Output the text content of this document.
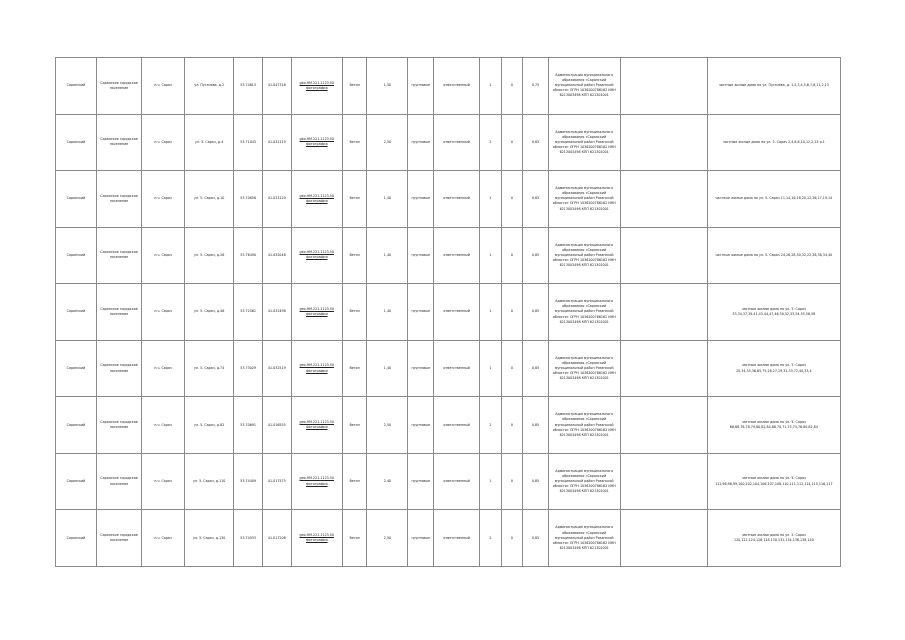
Саранский	Саранское городское поселение	п.ч. Сарач	ул. Пугачева, д.2	53.74613	41.047316	geo.HM.221.1123.50 фотография	бетон	1,50	грунтовые	ответственный	1	0	0,75	Администрация муниципального образования «Саранский муниципальный район Рязанской области» ОГРН 1036200786162 ИНН 6213003498 КПП 621301001		частные жилые дома по ул. Пугачева, д. 1,2,3,4,5,6,7,8,11,2,13
Саранский	Саранское городское поселение	п.ч. Сарач	ул. 5. Сарач, д.4	53.71043	41.032119	geo.HM.221.1123.50 фотография	бетон	2,50	грунтовые	ответственный	2	0	0,85	Администрация муниципального образования «Саранский муниципальный район Рязанской области» ОГРН 1036200786162 ИНН 6213003498 КПП 621301001		частные жилые дома по ул. 5. Сарач 2,4,6,8,10,12,2,13 р.1
Саранский	Саранское городское поселение	п.ч. Сарач	ул. 5. Сарач, д.10	53.70856	41.033120	geo.HM.221.1123.50 фотография	бетон	1,40	грунтовые	ответственный	1	0	0,85	Администрация муниципального образования «Саранский муниципальный район Рязанской области» ОГРН 1036200786162 ИНН 6213003498 КПП 621301001		частные жилые дома по ул. 5. Сарач 11,14,16,18,20,12,16,17,19,14
Саранский	Саранское городское поселение	п.ч. Сарач	ул. 5. Сарач, д.28	53.76490	41.032048	geo.HM.221.1123.50 фотография	бетон	1,40	грунтовые	ответственный	1	0	0,85	Администрация муниципального образования «Саранский муниципальный район Рязанской области» ОГРН 1036200786162 ИНН 6213003498 КПП 621301001		частные жилые дома по ул. 5. Сарач 24,26,28,30,32,22,36,38,34,40
Саранский	Саранское городское поселение	п.ч. Сарач	ул. 5. Сарач, д.46	53.72561	41.032498	geo.HM.221.1123.50 фотография	бетон	1,40	грунтовые	ответственный	1	0	0,85	Администрация муниципального образования «Саранский муниципальный район Рязанской области» ОГРН 1036200786162 ИНН 6213003498 КПП 621301001		частные жилые дома по ул. 5. Сарач 33,34,37,39,41,43,44,47,46,50,52,53,54,55,56,58
Саранский	Саранское городское поселение	п.ч. Сарач	ул. 5. Сарач, д.74	53.73029	41.032519	geo.HM.221.1123.50 фотография	бетон	1,40	грунтовые	ответственный	1	0	0,85	Администрация муниципального образования «Саранский муниципальный район Рязанской области» ОГРН 1036200786162 ИНН 6213003498 КПП 621301001		частные жилые дома по ул. 5. Сарач 25,34,35,36,65,75,28,27,29,31,33,72,40,33,4
Саранский	Саранское городское поселение	п.ч. Сарач	ул. 5. Сарач, д.82	53.70691	41.016555	geo.HM.221.1123.50 фотография	бетон	2,50	грунтовые	ответственный	2	0	0,85	Администрация муниципального образования «Саранский муниципальный район Рязанской области» ОГРН 1036200786162 ИНН 6213003498 КПП 621301001		частные жилые дома по ул. 5. Сарач 66,68,76,78,79,80,82,84,86,70,71,73,74,76,80,82,84
Саранский	Саранское городское поселение	п.ч. Сарач	ул. 5. Сарач, д.110	53.74409	41.017575	geo.HM.221.1123.50 фотография	бетон	2,40	грунтовые	ответственный	1	0	0,85	Администрация муниципального образования «Саранский муниципальный район Рязанской области» ОГРН 1036200786162 ИНН 6213003498 КПП 621301001		частные жилые дома по ул. 5. Сарач 111,96,98,99,100,102,104,106,107,108,110,111,112,114,115,116,117
Саранский	Саранское городское поселение	п.ч. Сарач	ул. 5. Сарач, д.130	53.74933	41.017208	geo.HM.221.1123.50 фотография	бетон	2,50	грунтовые	ответственный	2	0	0,85	Администрация муниципального образования «Саранский муниципальный район Рязанской области» ОГРН 1036200786162 ИНН 6213003498 КПП 621301001		частные жилые дома по ул. 5. Сарач 120,122,124,126,128,130,132,134,136,138,140
